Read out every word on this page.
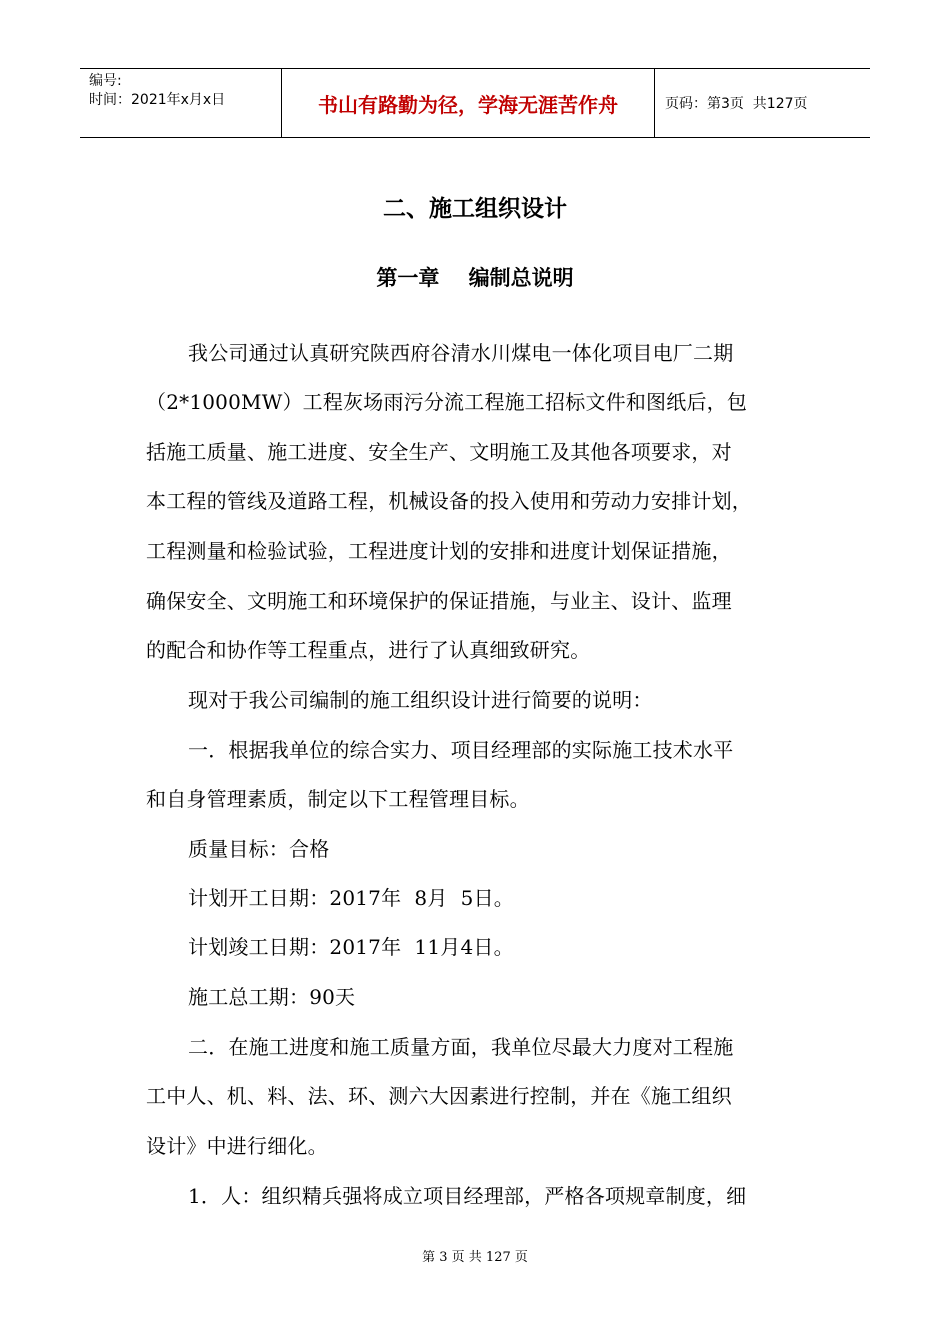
编号:
时间：2021年x月x日	书山有路勤为径，学海无涯苦作舟	页码：第3页  共127页
二、施工组织设计
第一章    编制总说明
我公司通过认真研究陕西府谷清水川煤电一体化项目电厂二期
（2*1000MW）工程灰场雨污分流工程施工招标文件和图纸后，包
括施工质量、施工进度、安全生产、文明施工及其他各项要求，对
本工程的管线及道路工程，机械设备的投入使用和劳动力安排计划，
工程测量和检验试验，工程进度计划的安排和进度计划保证措施，
确保安全、文明施工和环境保护的保证措施，与业主、设计、监理
的配合和协作等工程重点，进行了认真细致研究。
现对于我公司编制的施工组织设计进行简要的说明：
一．根据我单位的综合实力、项目经理部的实际施工技术水平
和自身管理素质，制定以下工程管理目标。
质量目标：合格
计划开工日期：2017年  8月  5日。
计划竣工日期：2017年  11月4日。
施工总工期：90天
二．在施工进度和施工质量方面，我单位尽最大力度对工程施
工中人、机、料、法、环、测六大因素进行控制，并在《施工组织
设计》中进行细化。
1．人：组织精兵强将成立项目经理部，严格各项规章制度，细
第 3 页 共 127 页
